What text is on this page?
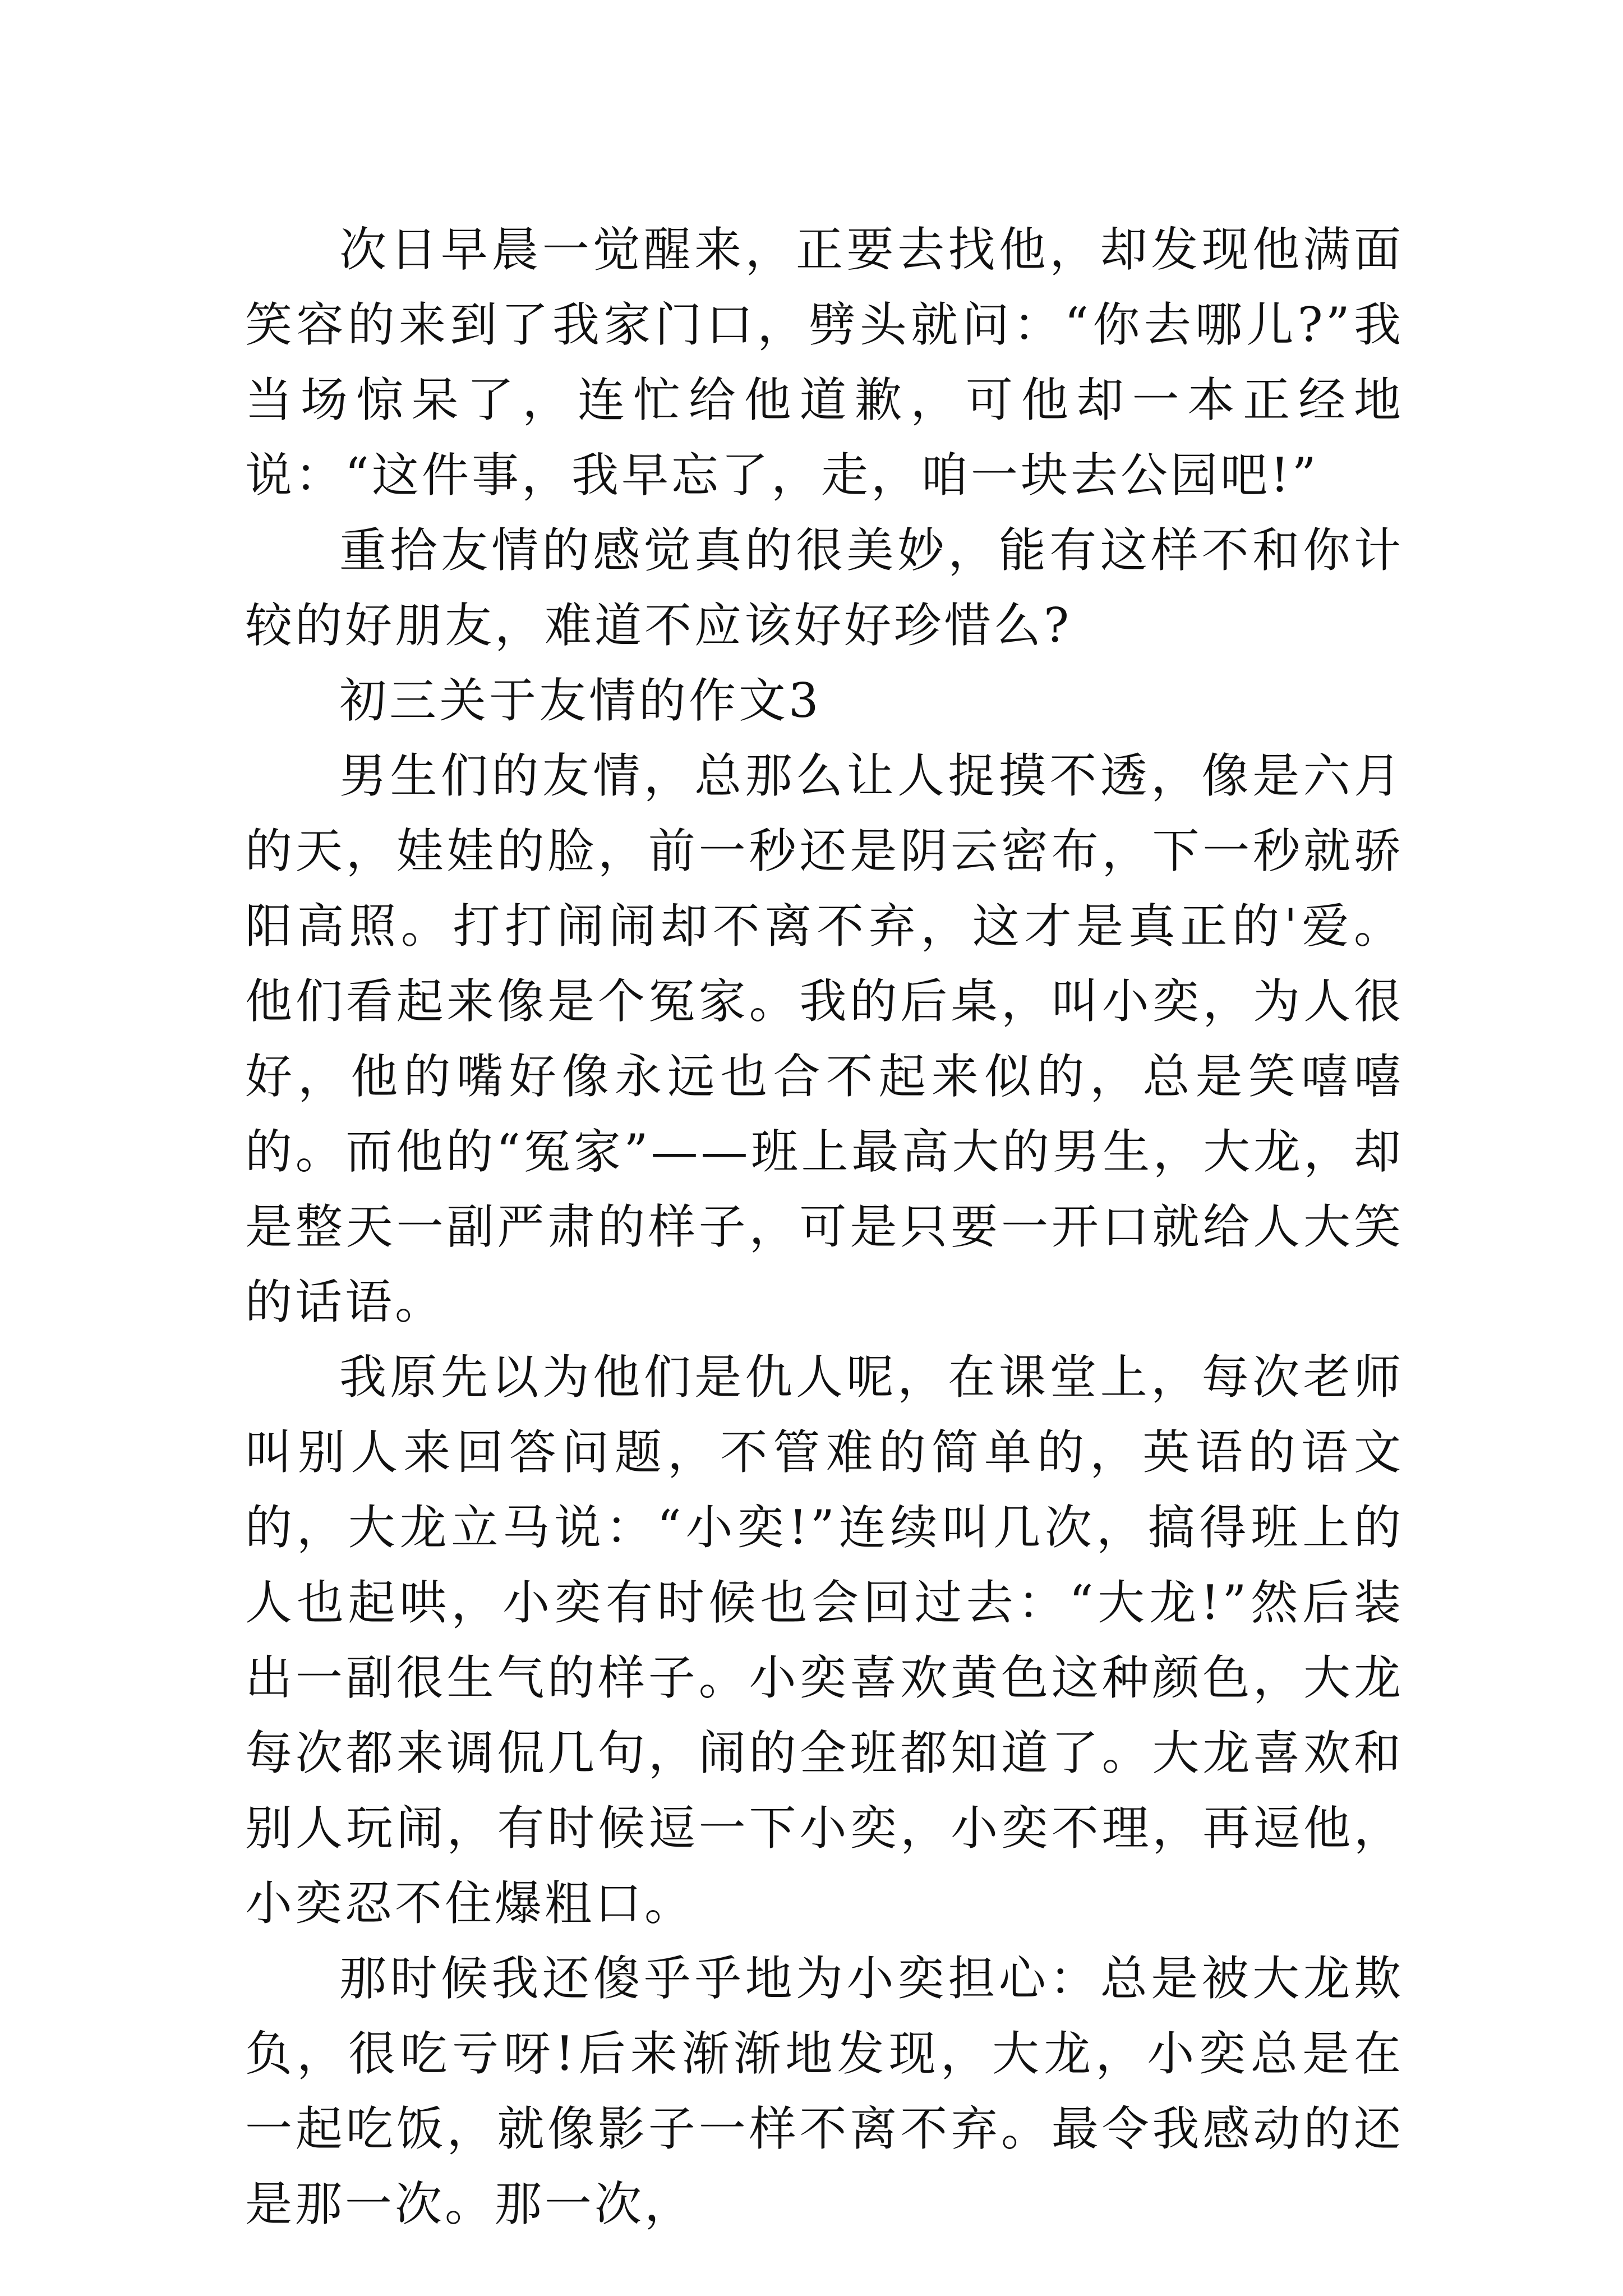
次日早晨一觉醒来，正要去找他，却发现他满面笑容的来到了我家门口，劈头就问：“你去哪儿?”我当场惊呆了，连忙给他道歉，可他却一本正经地说：“这件事，我早忘了，走，咱一块去公园吧!”

重拾友情的感觉真的很美妙，能有这样不和你计较的好朋友，难道不应该好好珍惜么?

初三关于友情的作文3

男生们的友情，总那么让人捉摸不透，像是六月的天，娃娃的脸，前一秒还是阴云密布，下一秒就骄阳高照。打打闹闹却不离不弃，这才是真正的'爱。他们看起来像是个冤家。我的后桌，叫小奕，为人很好，他的嘴好像永远也合不起来似的，总是笑嘻嘻的。而他的“冤家”——班上最高大的男生，大龙，却是整天一副严肃的样子，可是只要一开口就给人大笑的话语。

我原先以为他们是仇人呢，在课堂上，每次老师叫别人来回答问题，不管难的简单的，英语的语文的，大龙立马说：“小奕!”连续叫几次，搞得班上的人也起哄，小奕有时候也会回过去：“大龙!”然后装出一副很生气的样子。小奕喜欢黄色这种颜色，大龙每次都来调侃几句，闹的全班都知道了。大龙喜欢和别人玩闹，有时候逗一下小奕，小奕不理，再逗他，小奕忍不住爆粗口。

那时候我还傻乎乎地为小奕担心：总是被大龙欺负，很吃亏呀!后来渐渐地发现，大龙，小奕总是在一起吃饭，就像影子一样不离不弃。最令我感动的还是那一次。那一次，
